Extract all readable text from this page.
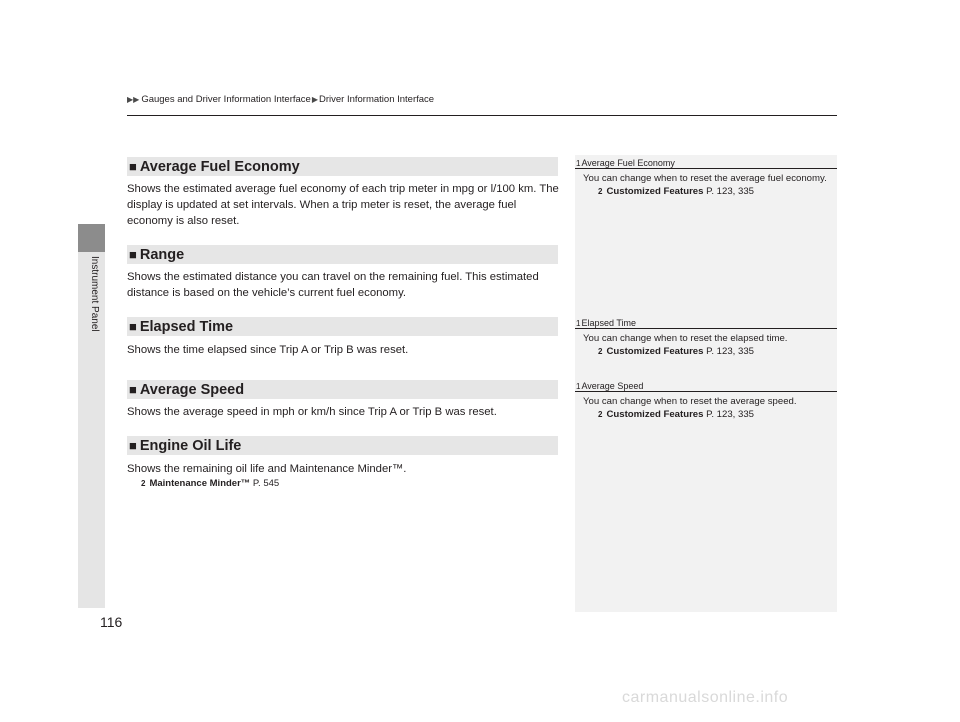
Instrument Panel
▶▶ Gauges and Driver Information Interface ▶ Driver Information Interface
■ Average Fuel Economy
Shows the estimated average fuel economy of each trip meter in mpg or l/100 km. The display is updated at set intervals. When a trip meter is reset, the average fuel economy is also reset.
■ Range
Shows the estimated distance you can travel on the remaining fuel. This estimated distance is based on the vehicle’s current fuel economy.
■ Elapsed Time
Shows the time elapsed since Trip A or Trip B was reset.
■ Average Speed
Shows the average speed in mph or km/h since Trip A or Trip B was reset.
■ Engine Oil Life
Shows the remaining oil life and Maintenance Minder™.
2 Maintenance Minder™ P. 545
1 Average Fuel Economy
You can change when to reset the average fuel economy.
2 Customized Features P. 123, 335
1 Elapsed Time
You can change when to reset the elapsed time.
2 Customized Features P. 123, 335
1 Average Speed
You can change when to reset the average speed.
2 Customized Features P. 123, 335
116
carmanualsonline.info
